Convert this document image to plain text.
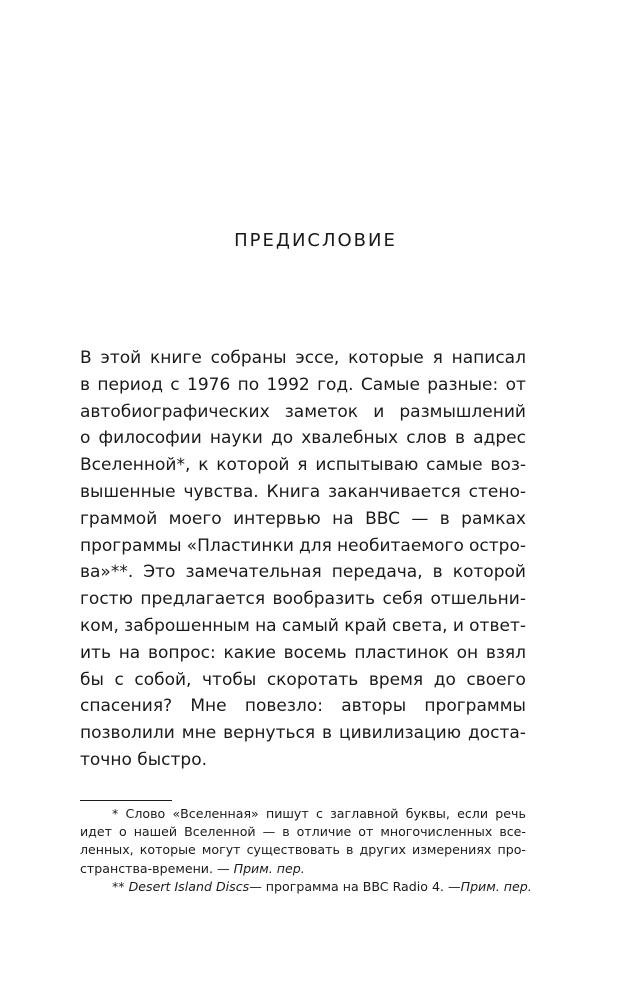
ПРЕДИСЛОВИЕ
В этой книге собраны эссе, которые я написал
в период с 1976 по 1992 год. Самые разные: от
автобиографических заметок и размышлений
о философии науки до хвалебных слов в адрес
Вселенной*, к которой я испытываю самые воз-
вышенные чувства. Книга заканчивается стено-
граммой моего интервью на BBC — в рамках
программы «Пластинки для необитаемого остро-
ва»**. Это замечательная передача, в которой
гостю предлагается вообразить себя отшельни-
ком, заброшенным на самый край света, и ответ-
ить на вопрос: какие восемь пластинок он взял
бы с собой, чтобы скоротать время до своего
спасения? Мне повезло: авторы программы
позволили мне вернуться в цивилизацию доста-
точно быстро.
* Слово «Вселенная» пишут с заглавной буквы, если речь
идет о нашей Вселенной — в отличие от многочисленных все-
ленных, которые могут существовать в других измерениях про-
странства-времени. — Прим. пер.
** Desert Island Discs — программа на BBC Radio 4. — Прим. пер.
